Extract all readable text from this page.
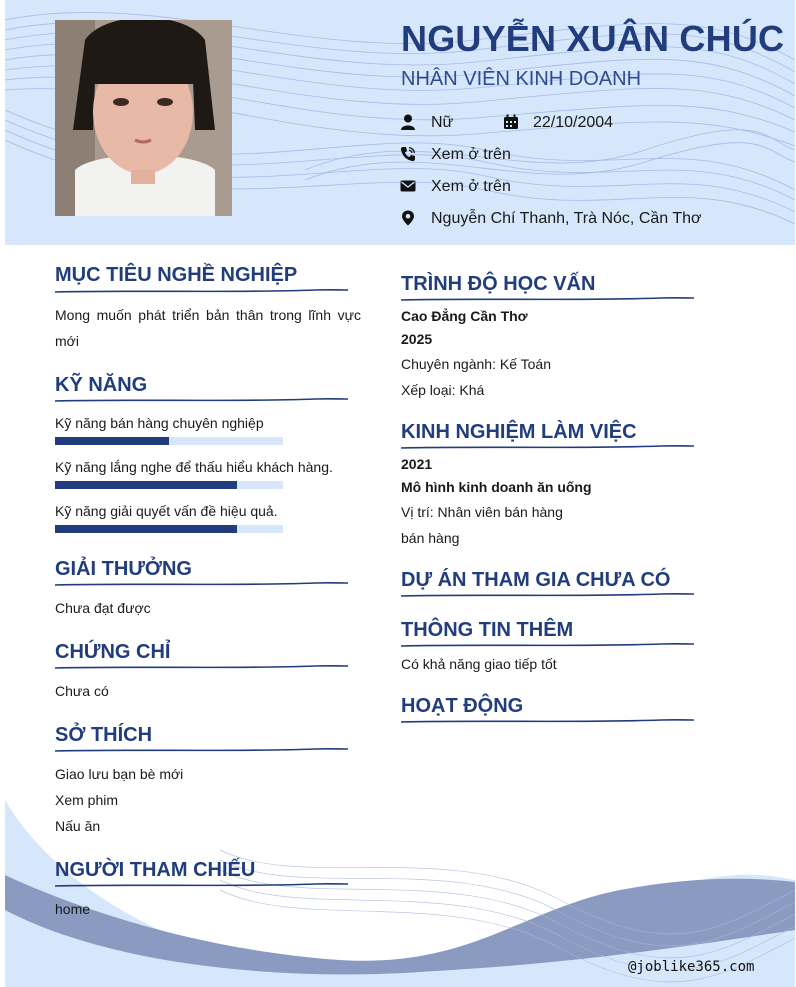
NGUYỄN XUÂN CHÚC
NHÂN VIÊN KINH DOANH
Nữ	22/10/2004
Xem ở trên
Xem ở trên
Nguyễn Chí Thanh, Trà Nóc, Cần Thơ
@joblike365.com
MỤC TIÊU NGHỀ NGHIỆP
Mong muốn phát triển bản thân trong lĩnh vực mới
KỸ NĂNG
Kỹ năng bán hàng chuyên nghiệp
Kỹ năng lắng nghe để thấu hiểu khách hàng.
Kỹ năng giải quyết vấn đề hiệu quả.
GIẢI THƯỞNG
Chưa đạt được
CHỨNG CHỈ
Chưa có
SỞ THÍCH
Giao lưu bạn bè mới
Xem phim
Nấu ăn
NGƯỜI THAM CHIẾU
home
TRÌNH ĐỘ HỌC VẤN
Cao Đẳng Cần Thơ
2025
Chuyên ngành: Kế Toán
Xếp loại: Khá
KINH NGHIỆM LÀM VIỆC
2021
Mô hình kinh doanh ăn uống
Vị trí: Nhân viên bán hàng
bán hàng
DỰ ÁN THAM GIA CHƯA CÓ
THÔNG TIN THÊM
Có khả năng giao tiếp tốt
HOẠT ĐỘNG
